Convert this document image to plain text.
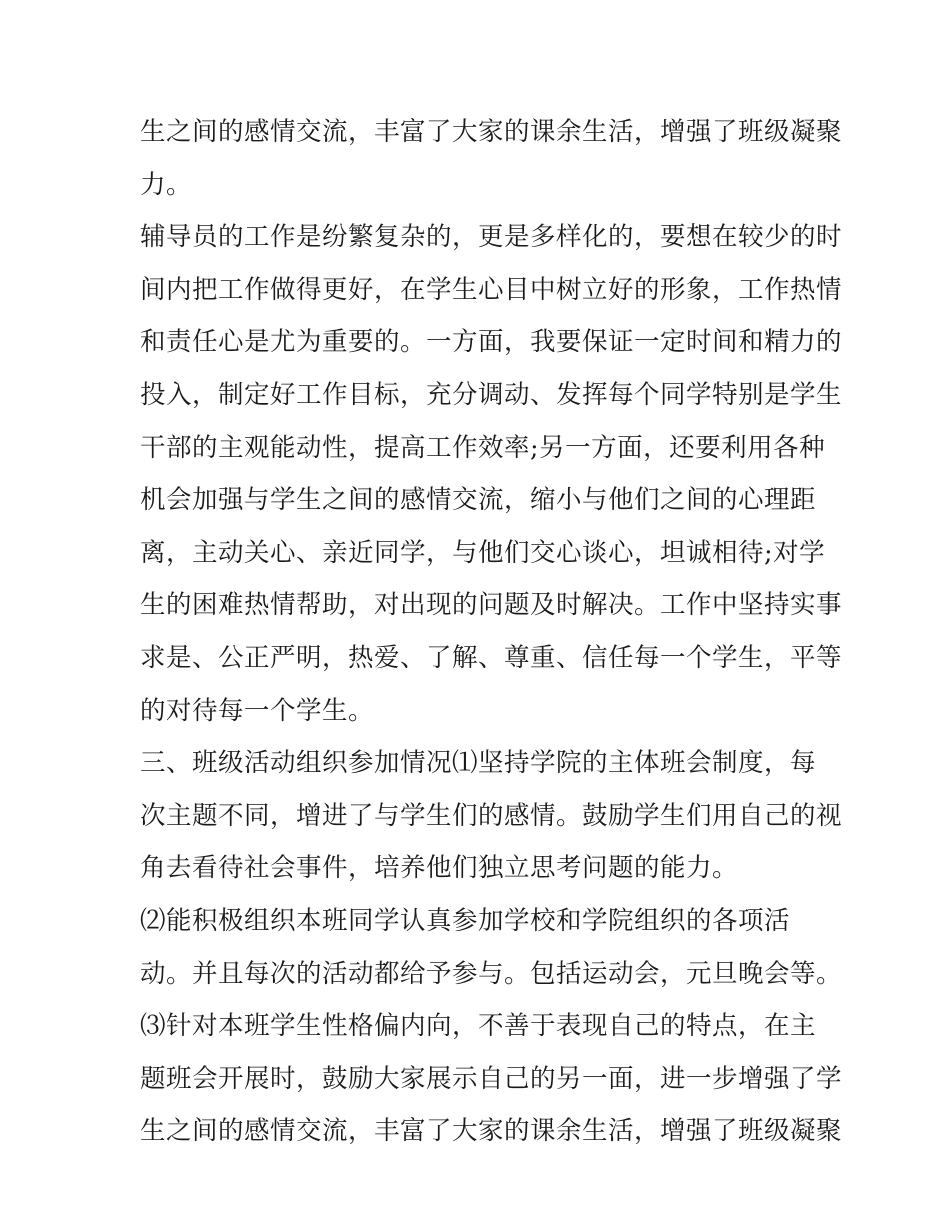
生之间的感情交流，丰富了大家的课余生活，增强了班级凝聚
力。
辅导员的工作是纷繁复杂的，更是多样化的，要想在较少的时
间内把工作做得更好，在学生心目中树立好的形象，工作热情
和责任心是尤为重要的。一方面，我要保证一定时间和精力的
投入，制定好工作目标，充分调动、发挥每个同学特别是学生
干部的主观能动性，提高工作效率;另一方面，还要利用各种
机会加强与学生之间的感情交流，缩小与他们之间的心理距
离，主动关心、亲近同学，与他们交心谈心，坦诚相待;对学
生的困难热情帮助，对出现的问题及时解决。工作中坚持实事
求是、公正严明，热爱、了解、尊重、信任每一个学生，平等
的对待每一个学生。
三、班级活动组织参加情况⑴坚持学院的主体班会制度，每
次主题不同，增进了与学生们的感情。鼓励学生们用自己的视
角去看待社会事件，培养他们独立思考问题的能力。
⑵能积极组织本班同学认真参加学校和学院组织的各项活
动。并且每次的活动都给予参与。包括运动会，元旦晚会等。
⑶针对本班学生性格偏内向，不善于表现自己的特点，在主
题班会开展时，鼓励大家展示自己的另一面，进一步增强了学
生之间的感情交流，丰富了大家的课余生活，增强了班级凝聚
